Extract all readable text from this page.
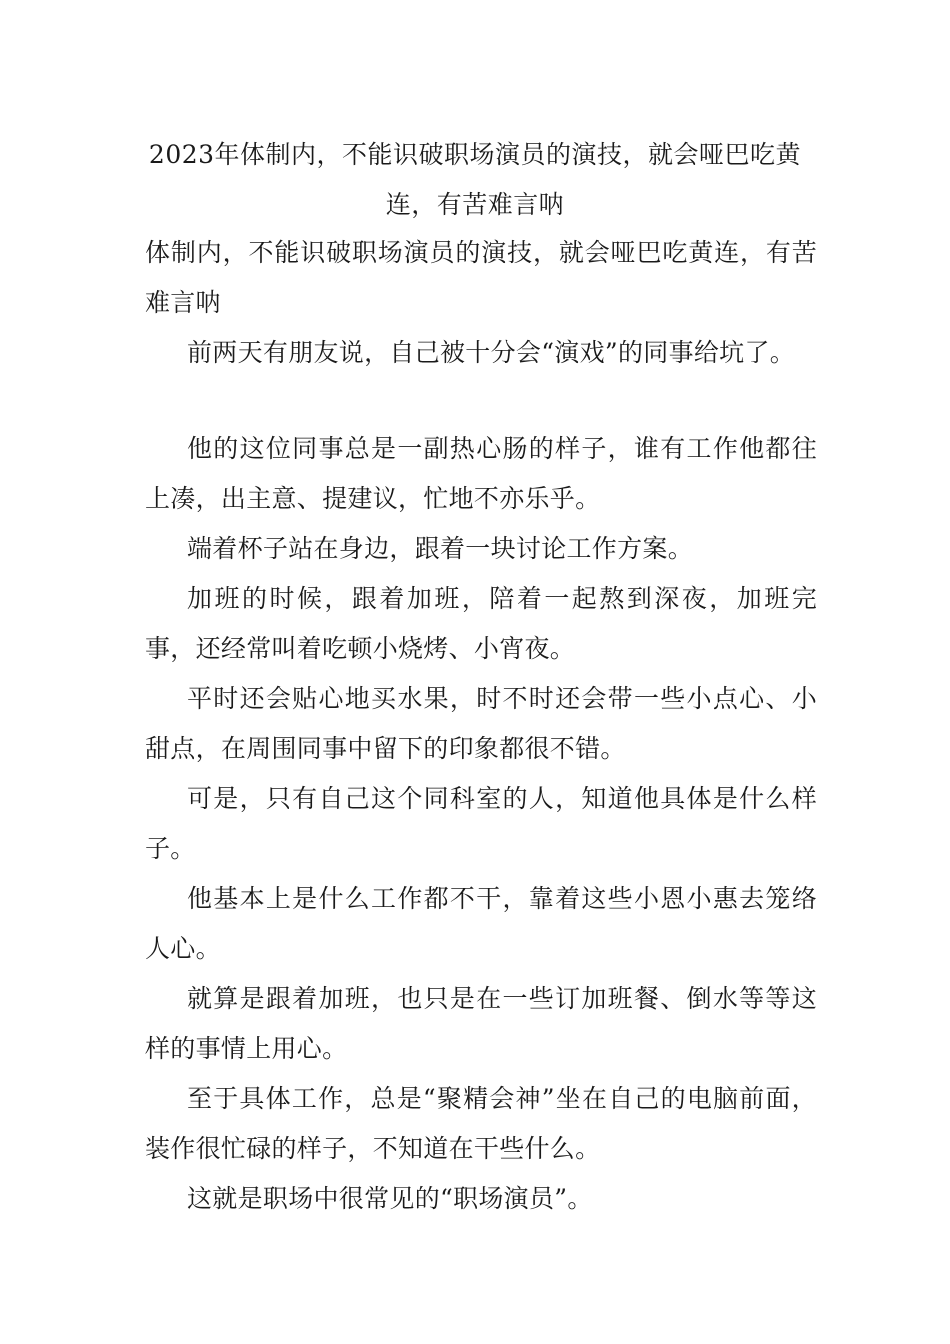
2023年体制内，不能识破职场演员的演技，就会哑巴吃黄连，有苦难言呐

体制内，不能识破职场演员的演技，就会哑巴吃黄连，有苦难言呐

前两天有朋友说，自己被十分会“演戏”的同事给坑了。

他的这位同事总是一副热心肠的样子，谁有工作他都往上凑，出主意、提建议，忙地不亦乐乎。

端着杯子站在身边，跟着一块讨论工作方案。

加班的时候，跟着加班，陪着一起熬到深夜，加班完事，还经常叫着吃顿小烧烤、小宵夜。

平时还会贴心地买水果，时不时还会带一些小点心、小甜点，在周围同事中留下的印象都很不错。

可是，只有自己这个同科室的人，知道他具体是什么样子。

他基本上是什么工作都不干，靠着这些小恩小惠去笼络人心。

就算是跟着加班，也只是在一些订加班餐、倒水等等这样的事情上用心。

至于具体工作，总是“聚精会神”坐在自己的电脑前面，装作很忙碌的样子，不知道在干些什么。

这就是职场中很常见的“职场演员”。
